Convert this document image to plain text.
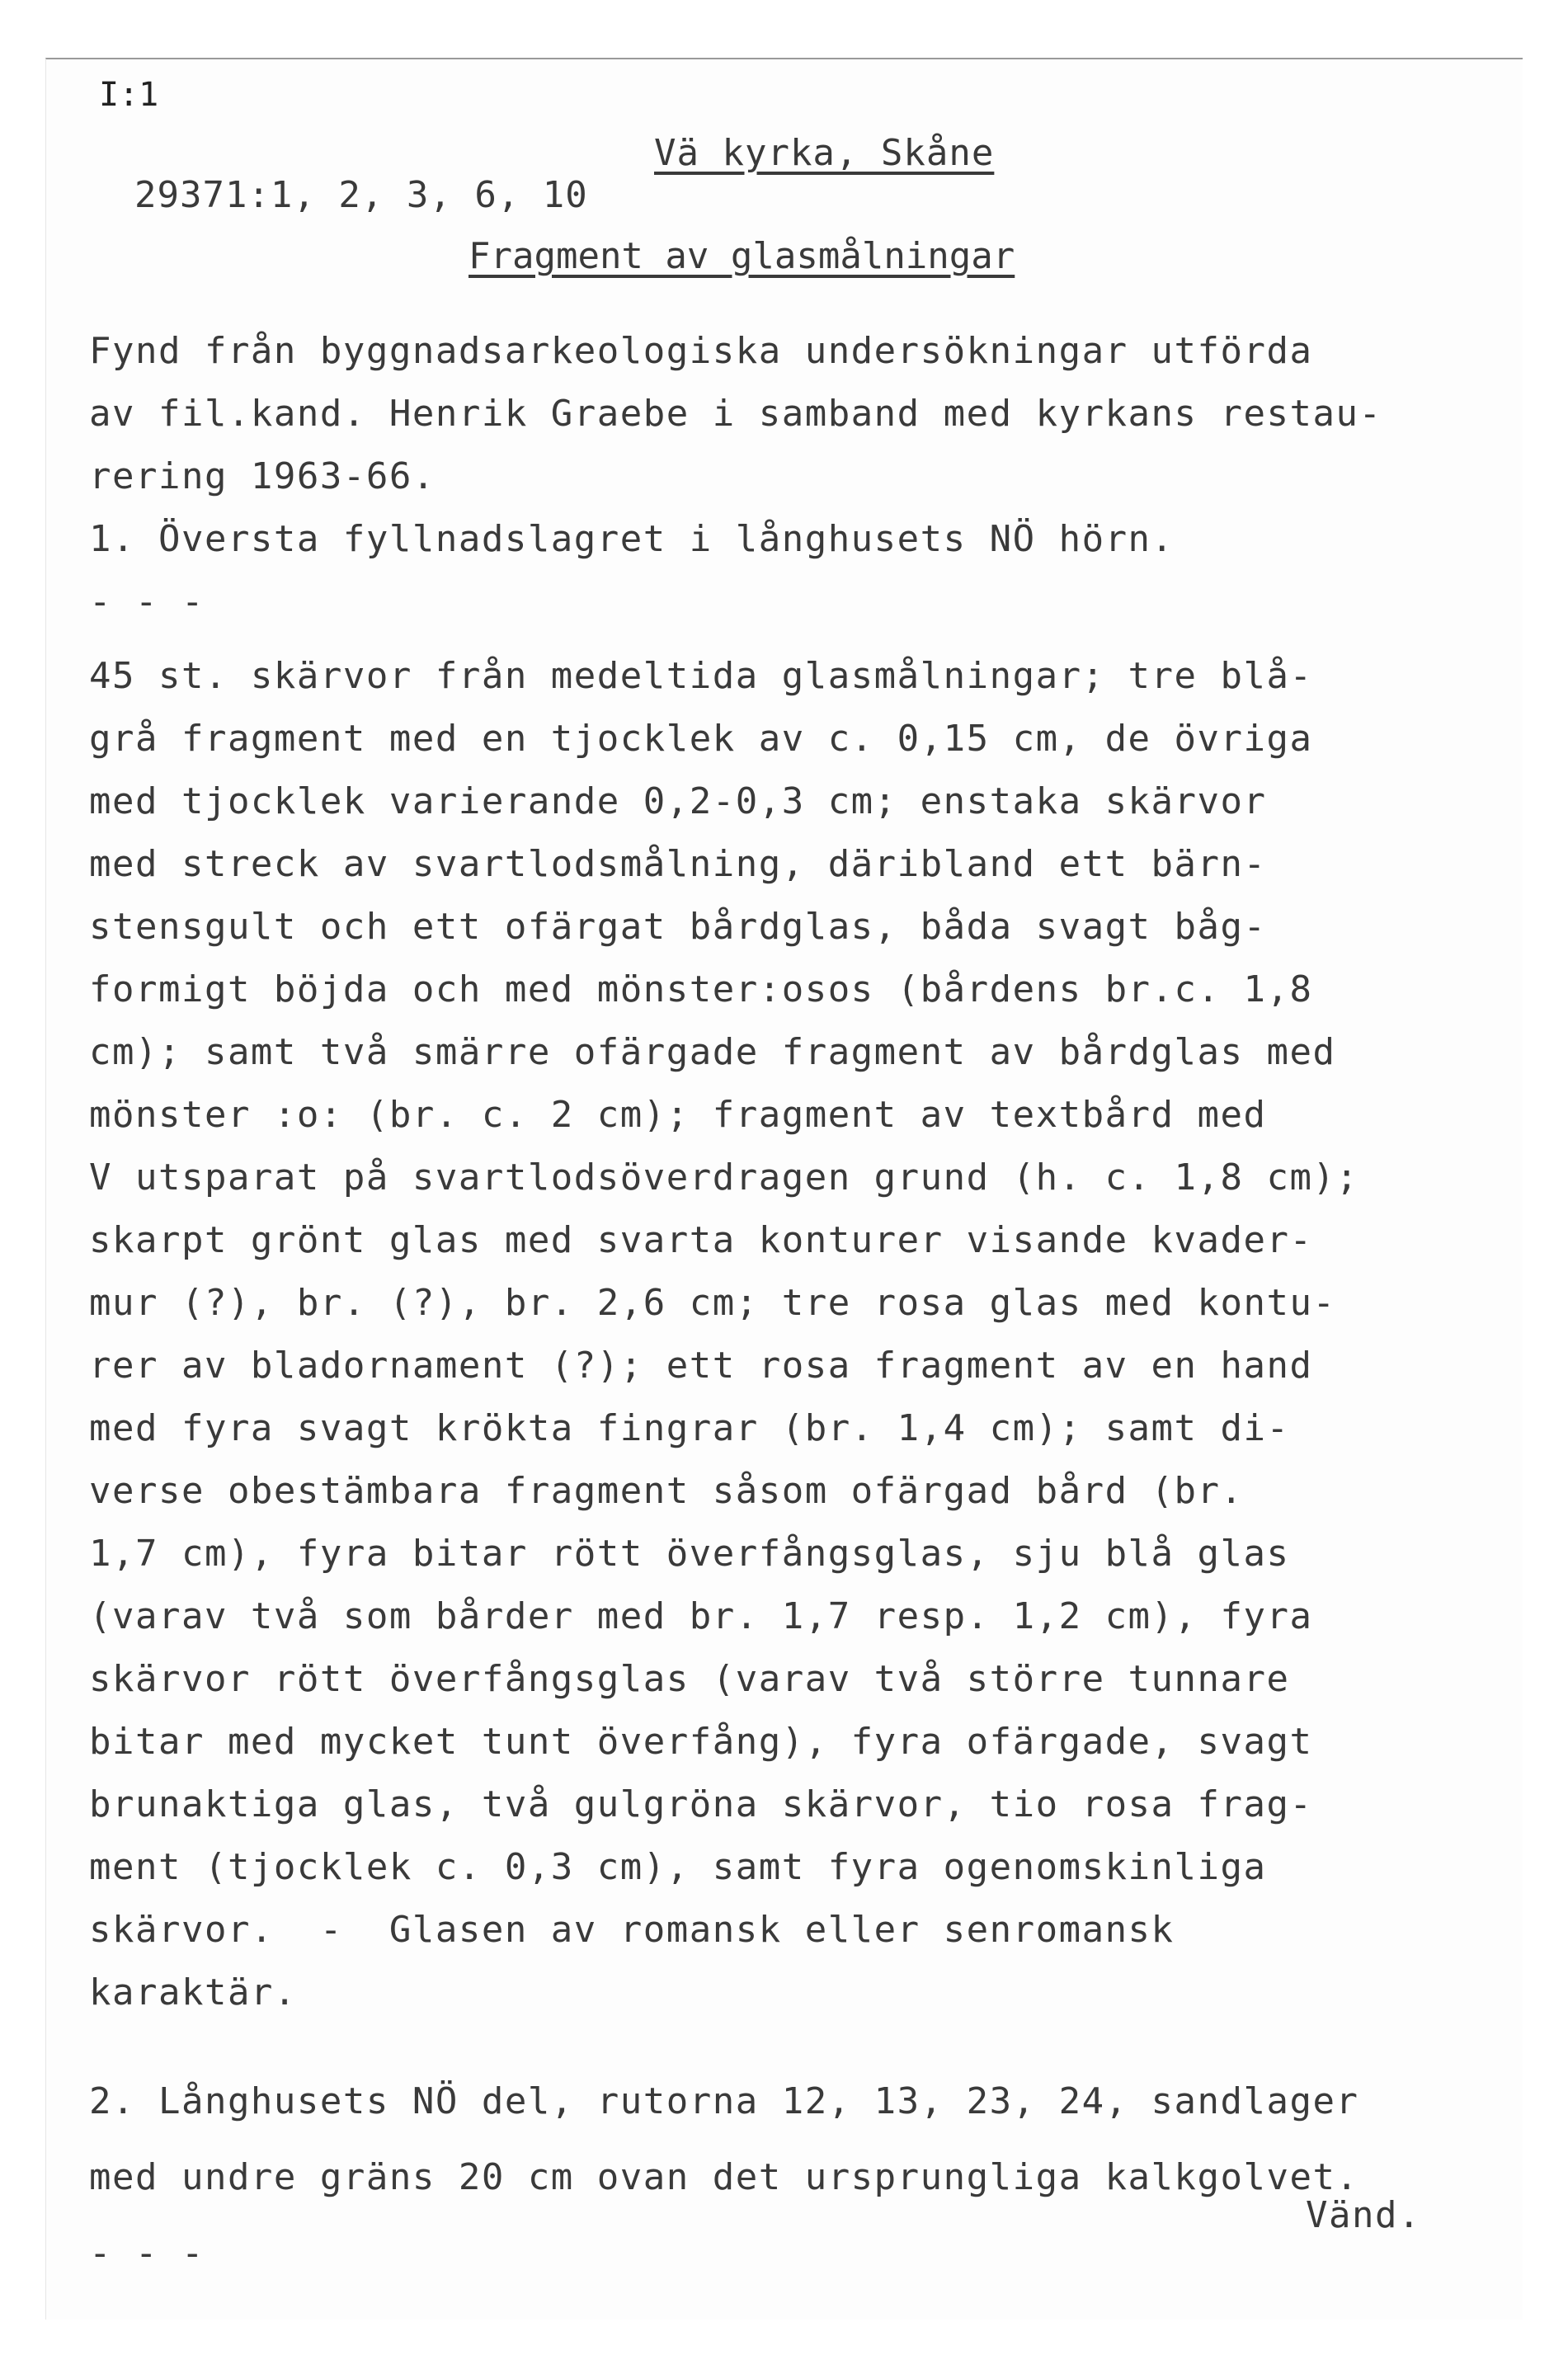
I:1

29371:1, 2, 3, 6, 10

Vä kyrka, Skåne

Fragment av glasmålningar
Fynd från byggnadsarkeologiska undersökningar utförda
av fil.kand. Henrik Graebe i samband med kyrkans restau-
rering 1963-66.
1. Översta fyllnadslagret i långhusets NÖ hörn.
- - -
45 st. skärvor från medeltida glasmålningar; tre blå-
grå fragment med en tjocklek av c. 0,15 cm, de övriga
med tjocklek varierande 0,2-0,3 cm; enstaka skärvor
med streck av svartlodsmålning, däribland ett bärn-
stensgult och ett ofärgat bårdglas, båda svagt båg-
formigt böjda och med mönster:osos (bårdens br.c. 1,8
cm); samt två smärre ofärgade fragment av bårdglas med
mönster :o: (br. c. 2 cm); fragment av textbård med
V utsparat på svartlodsöverdragen grund (h. c. 1,8 cm);
skarpt grönt glas med svarta konturer visande kvader-
mur (?), br. (?), br. 2,6 cm; tre rosa glas med kontu-
rer av bladornament (?); ett rosa fragment av en hand
med fyra svagt krökta fingrar (br. 1,4 cm); samt di-
verse obestämbara fragment såsom ofärgad bård (br.
1,7 cm), fyra bitar rött överfångsglas, sju blå glas
(varav två som bårder med br. 1,7 resp. 1,2 cm), fyra
skärvor rött överfångsglas (varav två större tunnare
bitar med mycket tunt överfång), fyra ofärgade, svagt
brunaktiga glas, två gulgröna skärvor, tio rosa frag-
ment (tjocklek c. 0,3 cm), samt fyra ogenomskinliga
skärvor.  -  Glasen av romansk eller senromansk
karaktär.
2. Långhusets NÖ del, rutorna 12, 13, 23, 24, sandlager
med undre gräns 20 cm ovan det ursprungliga kalkgolvet.
- - -
Vänd.
